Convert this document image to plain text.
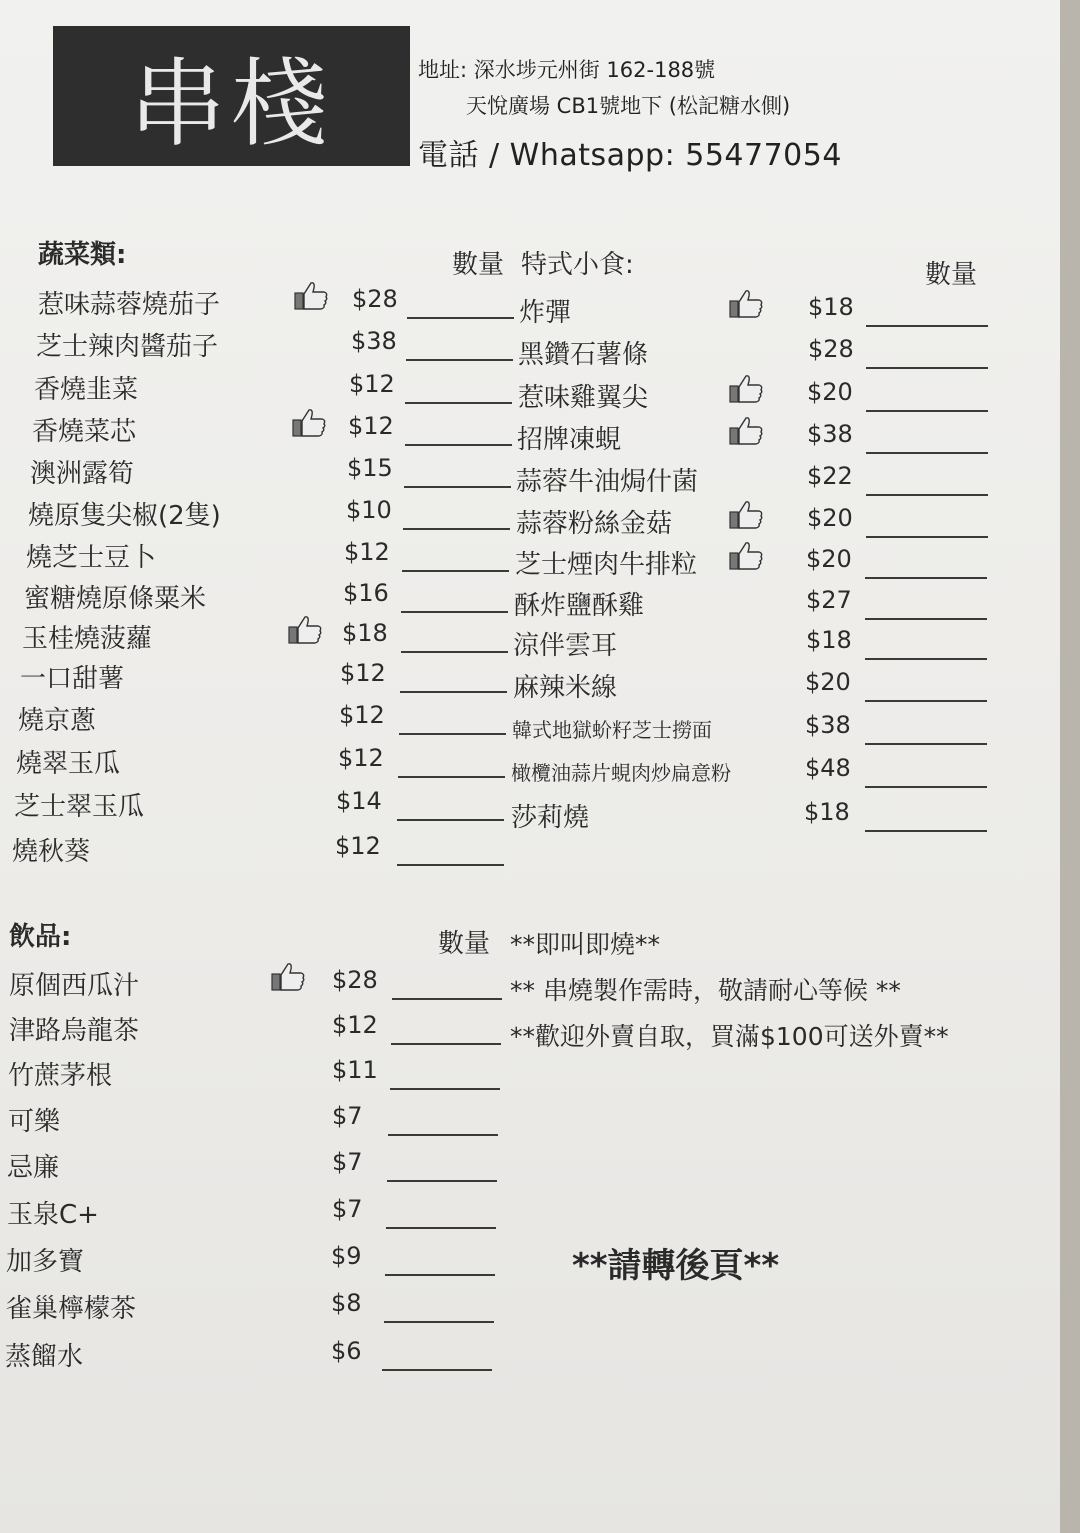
串棧	地址: 深水埗元州街 162-188號
天悅廣場 CB1號地下 (松記糖水側)
電話 / Whatsapp: 55477054
蔬菜類:	數量 特式小食:	數量
惹味蒜蓉燒茄子	$28
芝士辣肉醬茄子	$38
香燒韭菜	$12
香燒菜芯	$12
澳洲露筍	$15
燒原隻尖椒(2隻)	$10
燒芝士豆卜	$12
蜜糖燒原條粟米	$16
玉桂燒菠蘿	$18
一口甜薯	$12
燒京蔥	$12
燒翠玉瓜	$12
芝士翠玉瓜	$14
燒秋葵	$12
炸彈	$18
黑鑽石薯條	$28
惹味雞翼尖	$20
招牌凍蜆	$38
蒜蓉牛油焗什菌	$22
蒜蓉粉絲金菇	$20
芝士煙肉牛排粒	$20
酥炸鹽酥雞	$27
涼伴雲耳	$18
麻辣米線	$20
韓式地獄蚧籽芝士撈面	$38
橄欖油蒜片蜆肉炒扁意粉	$48
莎莉燒	$18
飲品:	數量
原個西瓜汁	$28
津路烏龍茶	$12
竹蔗茅根	$11
可樂	$7
忌廉	$7
玉泉C+	$7
加多寶	$9
雀巢檸檬茶	$8
蒸餾水	$6
**即叫即燒**
** 串燒製作需時，敬請耐心等候 **
**歡迎外賣自取，買滿$100可送外賣**
**請轉後頁**
